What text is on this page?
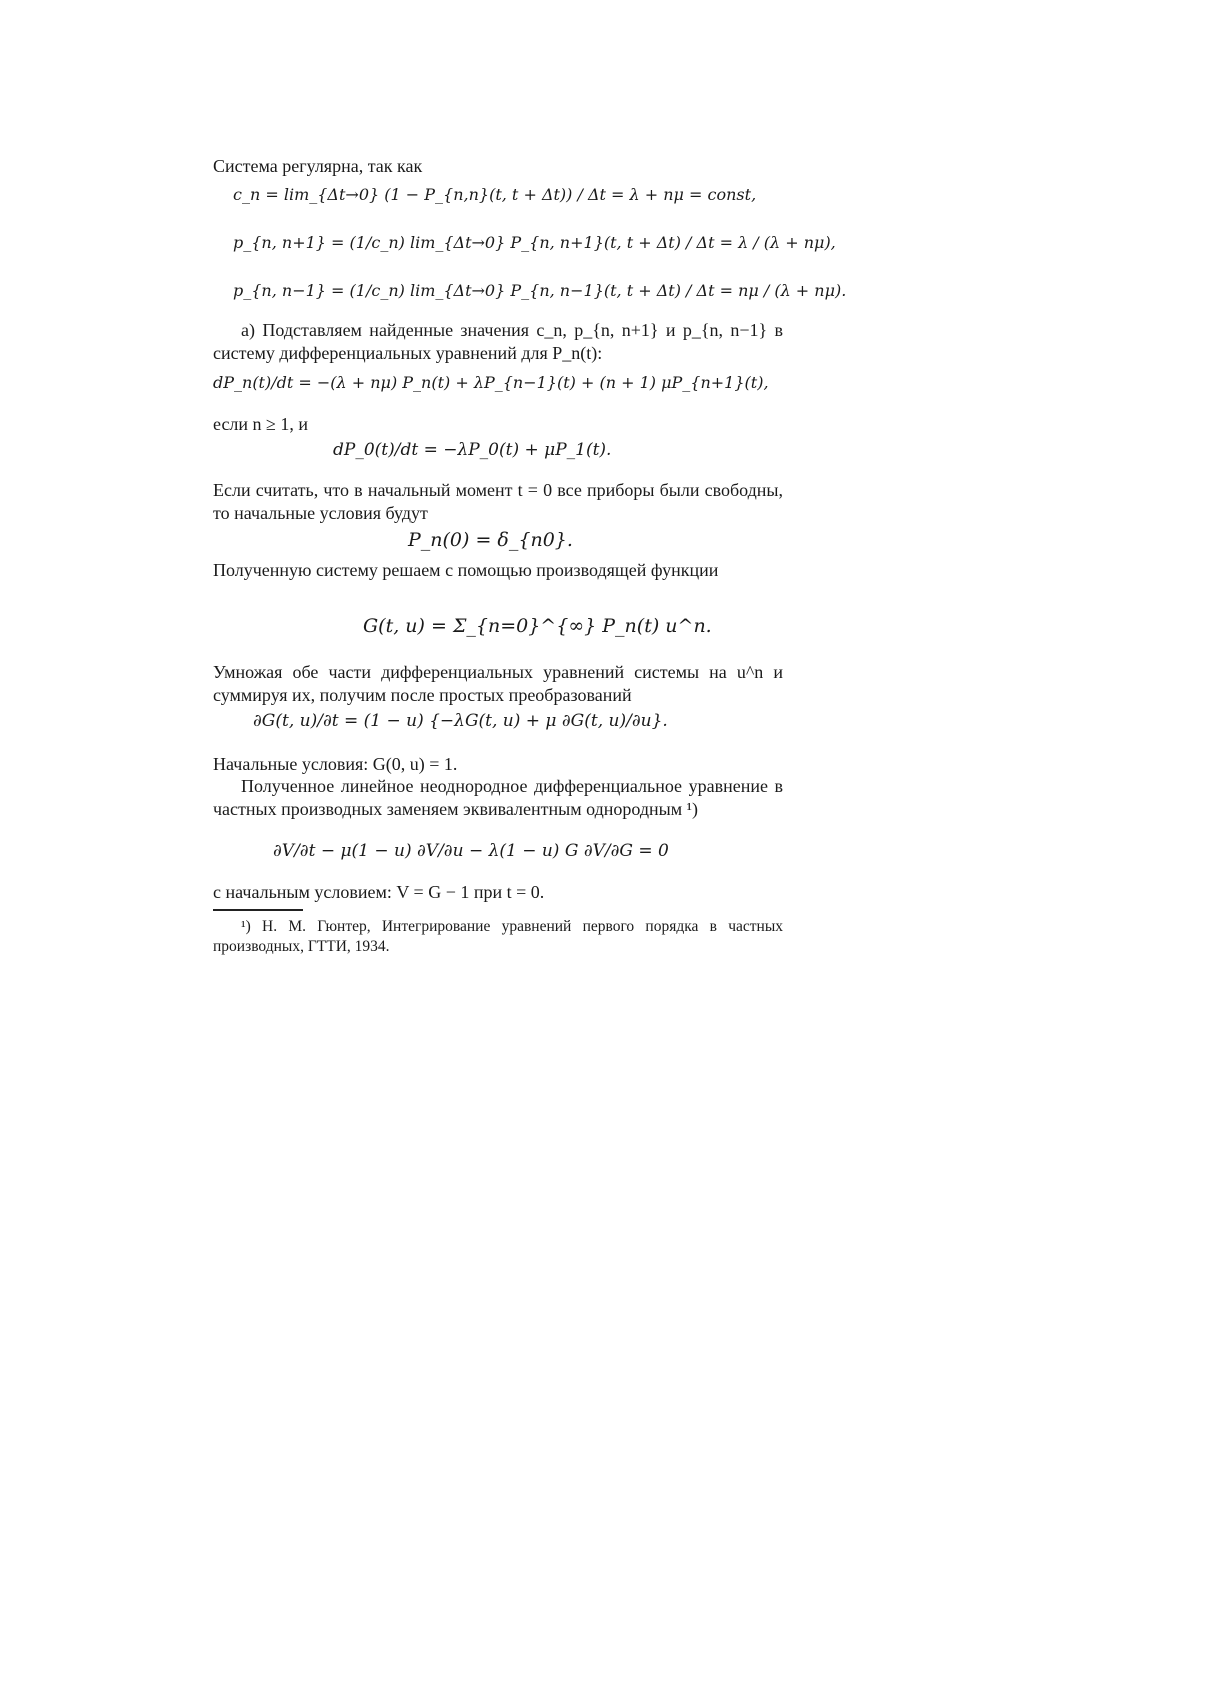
Система регулярна, так как
c_n = lim_{Δt→0} (1 − P_{n,n}(t, t + Δt)) / Δt = λ + nμ = const,
p_{n, n+1} = (1/c_n) lim_{Δt→0} P_{n, n+1}(t, t + Δt) / Δt = λ / (λ + nμ),
p_{n, n−1} = (1/c_n) lim_{Δt→0} P_{n, n−1}(t, t + Δt) / Δt = nμ / (λ + nμ).
а) Подставляем найденные значения c_n, p_{n, n+1} и p_{n, n−1} в систему дифференциальных уравнений для P_n(t):
dP_n(t)/dt = −(λ + nμ) P_n(t) + λP_{n−1}(t) + (n + 1) μP_{n+1}(t),
если n ≥ 1, и
dP_0(t)/dt = −λP_0(t) + μP_1(t).
Если считать, что в начальный момент t = 0 все приборы были свободны, то начальные условия будут
P_n(0) = δ_{n0}.
Полученную систему решаем с помощью производящей функции
G(t, u) = Σ_{n=0}^{∞} P_n(t) u^n.
Умножая обе части дифференциальных уравнений системы на u^n и суммируя их, получим после простых преобразований
∂G(t, u)/∂t = (1 − u) {−λG(t, u) + μ ∂G(t, u)/∂u}.
Начальные условия: G(0, u) = 1.
Полученное линейное неоднородное дифференциальное уравнение в частных производных заменяем эквивалентным однородным ¹)
∂V/∂t − μ(1 − u) ∂V/∂u − λ(1 − u) G ∂V/∂G = 0
с начальным условием: V = G − 1 при t = 0.
¹) Н. М. Гюнтер, Интегрирование уравнений первого порядка в частных производных, ГТТИ, 1934.
